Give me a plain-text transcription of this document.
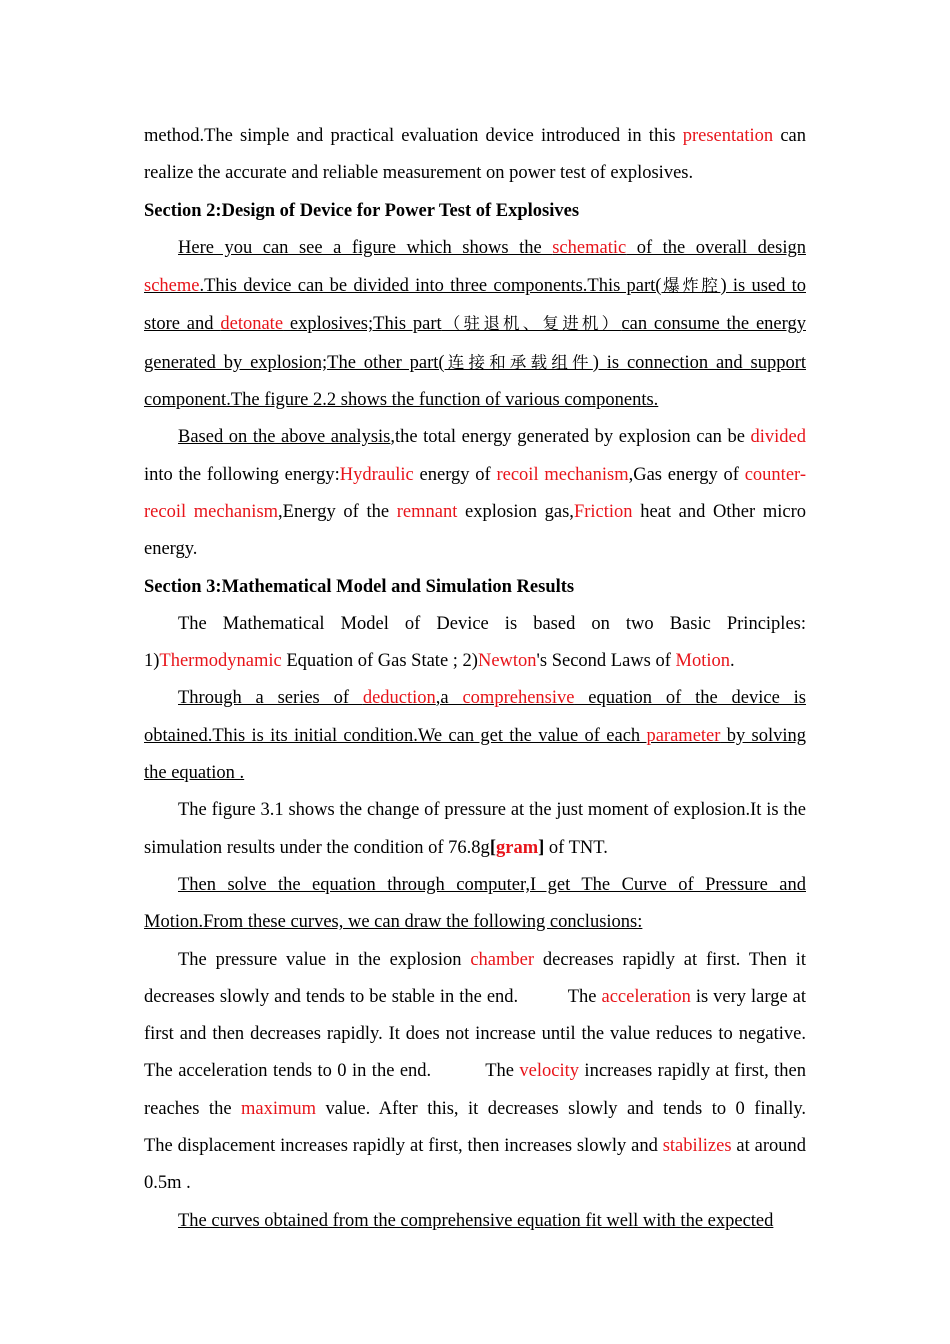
method.The simple and practical evaluation device introduced in this presentation can realize the accurate and reliable measurement on power test of explosives.

Section 2:Design of Device for Power Test of Explosives

Here you can see a figure which shows the schematic of the overall design scheme.This device can be divided into three components.This part(爆炸腔) is used to store and detonate explosives;This part（驻退机、复进机）can consume the energy generated by explosion;The other part(连接和承载组件) is connection and support component.The figure 2.2 shows the function of various components.

Based on the above analysis,the total energy generated by explosion can be divided into the following energy:Hydraulic energy of recoil mechanism,Gas energy of counter-recoil mechanism,Energy of the remnant explosion gas,Friction heat and Other micro energy.

Section 3:Mathematical Model and Simulation Results

The Mathematical Model of Device is based on two Basic Principles: 1)Thermodynamic Equation of Gas State ; 2)Newton's Second Laws of Motion.

Through a series of deduction,a comprehensive equation of the device is obtained.This is its initial condition.We can get the value of each parameter by solving the equation .

The figure 3.1 shows the change of pressure at the just moment of explosion.It is the simulation results under the condition of 76.8g[gram] of TNT.

Then solve the equation through computer,I get The Curve of Pressure and Motion.From these curves, we can draw the following conclusions:

The pressure value in the explosion chamber decreases rapidly at first. Then it decreases slowly and tends to be stable in the end.          The acceleration is very large at first and then decreases rapidly. It does not increase until the value reduces to negative. The acceleration tends to 0 in the end.          The velocity increases rapidly at first, then reaches the maximum value. After this, it decreases slowly and tends to 0 finally.           The displacement increases rapidly at first, then increases slowly and stabilizes at around 0.5m .

The curves obtained from the comprehensive equation fit well with the expected
